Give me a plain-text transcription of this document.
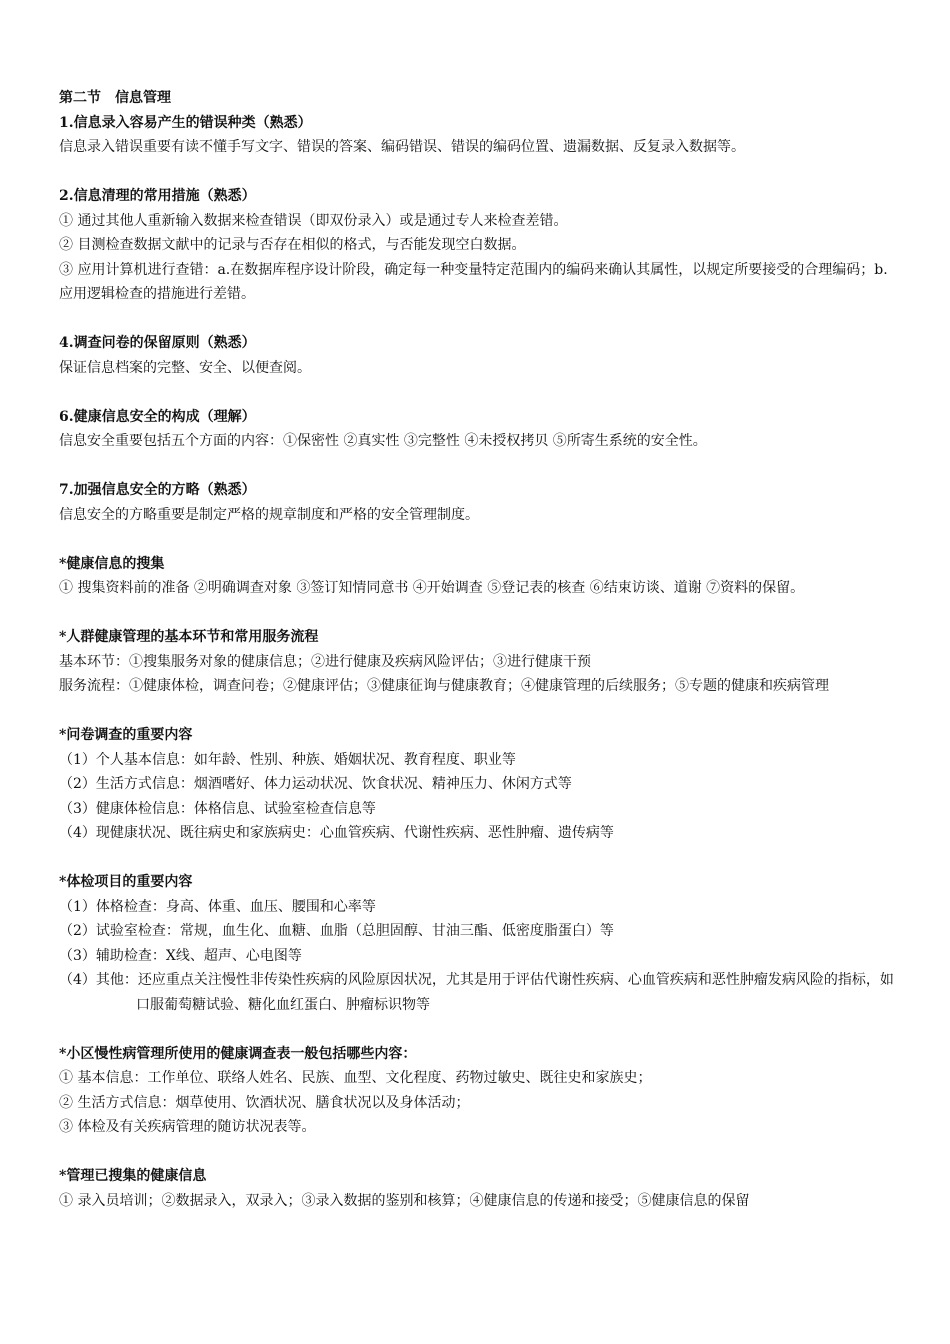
第二节　信息管理
1.信息录入容易产生的错误种类（熟悉）
信息录入错误重要有读不懂手写文字、错误的答案、编码错误、错误的编码位置、遗漏数据、反复录入数据等。
2.信息清理的常用措施（熟悉）
① 通过其他人重新输入数据来检查错误（即双份录入）或是通过专人来检查差错。
② 目测检查数据文献中的记录与否存在相似的格式，与否能发现空白数据。
③ 应用计算机进行查错：a.在数据库程序设计阶段，确定每一种变量特定范围内的编码来确认其属性，以规定所要接受的合理编码；b.应用逻辑检查的措施进行差错。
4.调查问卷的保留原则（熟悉）
保证信息档案的完整、安全、以便查阅。
6.健康信息安全的构成（理解）
信息安全重要包括五个方面的内容：①保密性 ②真实性 ③完整性 ④未授权拷贝 ⑤所寄生系统的安全性。
7.加强信息安全的方略（熟悉）
信息安全的方略重要是制定严格的规章制度和严格的安全管理制度。
*健康信息的搜集
① 搜集资料前的准备 ②明确调查对象 ③签订知情同意书 ④开始调查 ⑤登记表的核查 ⑥结束访谈、道谢 ⑦资料的保留。
*人群健康管理的基本环节和常用服务流程
基本环节：①搜集服务对象的健康信息；②进行健康及疾病风险评估；③进行健康干预
服务流程：①健康体检，调查问卷；②健康评估；③健康征询与健康教育；④健康管理的后续服务；⑤专题的健康和疾病管理
*问卷调查的重要内容
（1）个人基本信息：如年龄、性别、种族、婚姻状况、教育程度、职业等
（2）生活方式信息：烟酒嗜好、体力运动状况、饮食状况、精神压力、休闲方式等
（3）健康体检信息：体格信息、试验室检查信息等
（4）现健康状况、既往病史和家族病史：心血管疾病、代谢性疾病、恶性肿瘤、遗传病等
*体检项目的重要内容
（1）体格检查：身高、体重、血压、腰围和心率等
（2）试验室检查：常规，血生化、血糖、血脂（总胆固醇、甘油三酯、低密度脂蛋白）等
（3）辅助检查：X线、超声、心电图等
（4）其他：还应重点关注慢性非传染性疾病的风险原因状况，尤其是用于评估代谢性疾病、心血管疾病和恶性肿瘤发病风险的指标，如口服葡萄糖试验、糖化血红蛋白、肿瘤标识物等
*小区慢性病管理所使用的健康调查表一般包括哪些内容：
① 基本信息：工作单位、联络人姓名、民族、血型、文化程度、药物过敏史、既往史和家族史；
② 生活方式信息：烟草使用、饮酒状况、膳食状况以及身体活动；
③ 体检及有关疾病管理的随访状况表等。
*管理已搜集的健康信息
① 录入员培训；②数据录入，双录入；③录入数据的鉴别和核算；④健康信息的传递和接受；⑤健康信息的保留
